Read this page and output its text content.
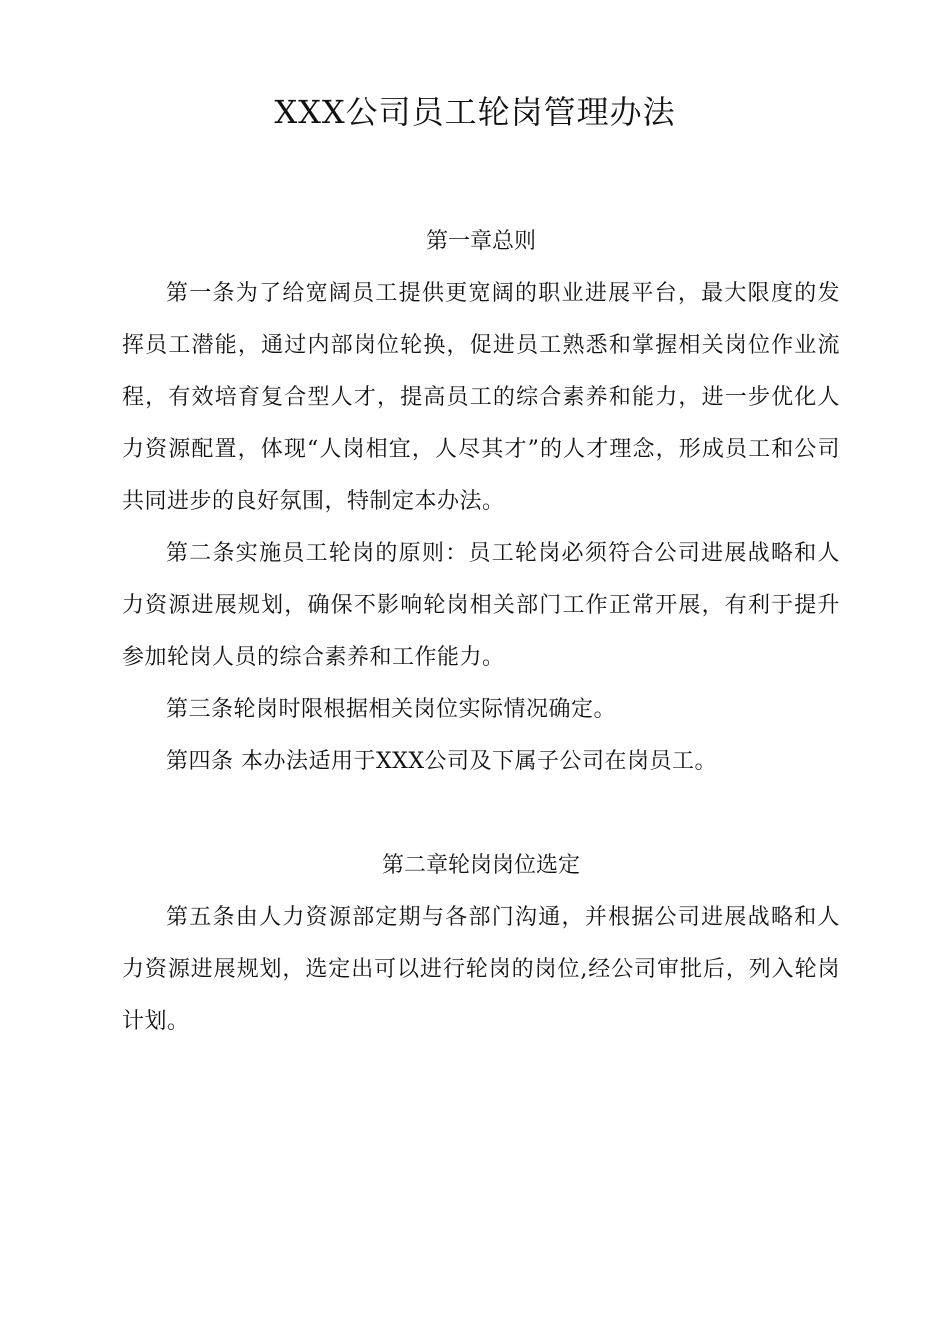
XXX公司员工轮岗管理办法
第一章总则

第一条为了给宽阔员工提供更宽阔的职业进展平台，最大限度的发挥员工潜能，通过内部岗位轮换，促进员工熟悉和掌握相关岗位作业流程，有效培育复合型人才，提高员工的综合素养和能力，进一步优化人力资源配置，体现“人岗相宜，人尽其才”的人才理念，形成员工和公司共同进步的良好氛围，特制定本办法。

第二条实施员工轮岗的原则：员工轮岗必须符合公司进展战略和人力资源进展规划，确保不影响轮岗相关部门工作正常开展，有利于提升参加轮岗人员的综合素养和工作能力。

第三条轮岗时限根据相关岗位实际情况确定。

第四条 本办法适用于XXX公司及下属子公司在岗员工。

第二章轮岗岗位选定

第五条由人力资源部定期与各部门沟通，并根据公司进展战略和人力资源进展规划，选定出可以进行轮岗的岗位,经公司审批后，列入轮岗计划。
